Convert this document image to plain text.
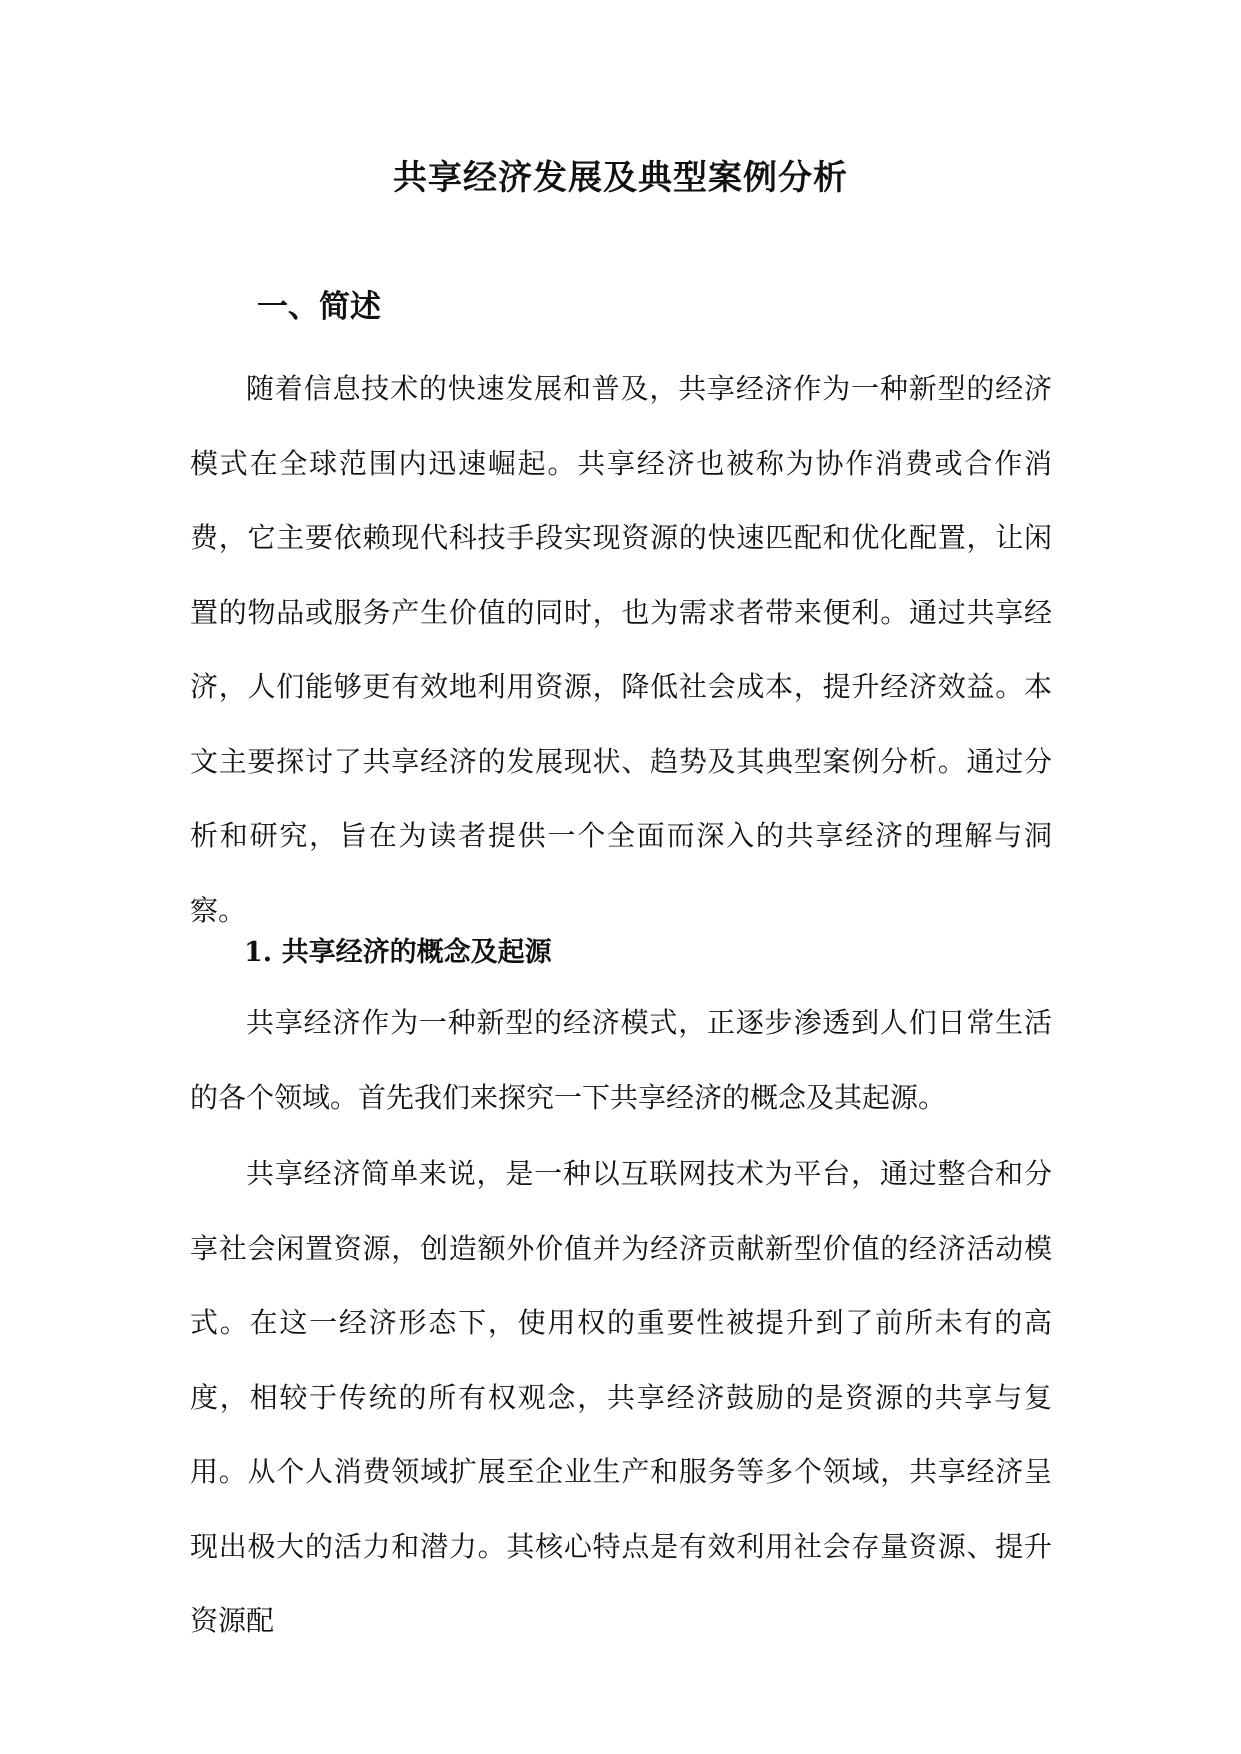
共享经济发展及典型案例分析
一、简述

随着信息技术的快速发展和普及，共享经济作为一种新型的经济模式在全球范围内迅速崛起。共享经济也被称为协作消费或合作消费，它主要依赖现代科技手段实现资源的快速匹配和优化配置，让闲置的物品或服务产生价值的同时，也为需求者带来便利。通过共享经济，人们能够更有效地利用资源，降低社会成本，提升经济效益。本文主要探讨了共享经济的发展现状、趋势及其典型案例分析。通过分析和研究，旨在为读者提供一个全面而深入的共享经济的理解与洞察。

1. 共享经济的概念及起源

共享经济作为一种新型的经济模式，正逐步渗透到人们日常生活的各个领域。首先我们来探究一下共享经济的概念及其起源。

共享经济简单来说，是一种以互联网技术为平台，通过整合和分享社会闲置资源，创造额外价值并为经济贡献新型价值的经济活动模式。在这一经济形态下，使用权的重要性被提升到了前所未有的高度，相较于传统的所有权观念，共享经济鼓励的是资源的共享与复用。从个人消费领域扩展至企业生产和服务等多个领域，共享经济呈现出极大的活力和潜力。其核心特点是有效利用社会存量资源、提升资源配
